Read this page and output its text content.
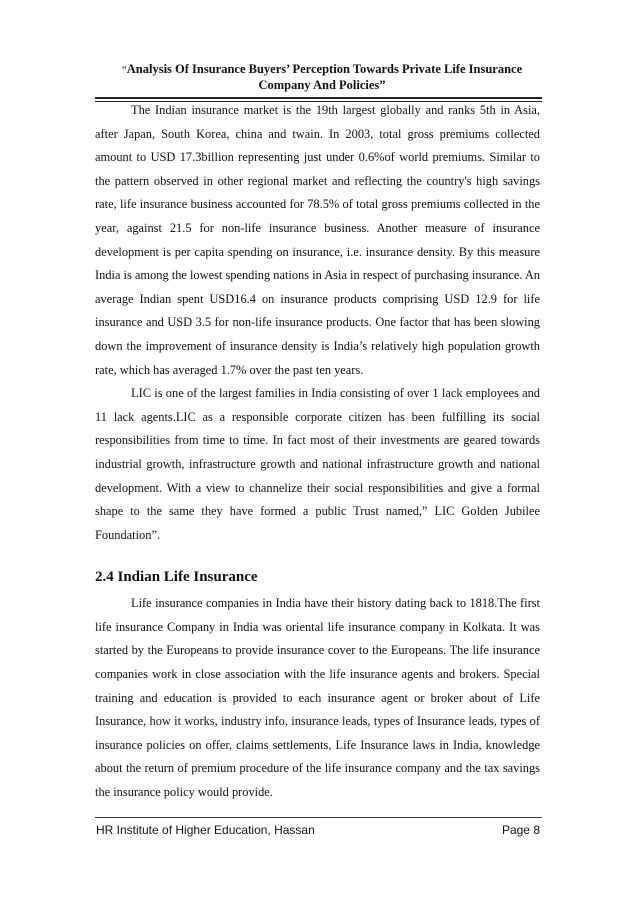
“Analysis Of Insurance Buyers’ Perception Towards Private Life Insurance
Company And Policies”

The Indian insurance market is the 19th largest globally and ranks 5th in Asia, after Japan, South Korea, china and twain. In 2003, total gross premiums collected amount to USD 17.3billion representing just under 0.6%of world premiums. Similar to the pattern observed in other regional market and reflecting the country's high savings rate, life insurance business accounted for 78.5% of total gross premiums collected in the year, against 21.5 for non-life insurance business. Another measure of insurance development is per capita spending on insurance, i.e. insurance density. By this measure India is among the lowest spending nations in Asia in respect of purchasing insurance. An average Indian spent USD16.4 on insurance products comprising USD 12.9 for life insurance and USD 3.5 for non-life insurance products. One factor that has been slowing down the improvement of insurance density is India’s relatively high population growth rate, which has averaged 1.7% over the past ten years.

LIC is one of the largest families in India consisting of over 1 lack employees and 11 lack agents.LIC as a responsible corporate citizen has been fulfilling its social responsibilities from time to time. In fact most of their investments are geared towards industrial growth, infrastructure growth and national infrastructure growth and national development. With a view to channelize their social responsibilities and give a formal shape to the same they have formed a public Trust named,” LIC Golden Jubilee Foundation”.

2.4 Indian Life Insurance

Life insurance companies in India have their history dating back to 1818.The first life insurance Company in India was oriental life insurance company in Kolkata. It was started by the Europeans to provide insurance cover to the Europeans. The life insurance companies work in close association with the life insurance agents and brokers. Special training and education is provided to each insurance agent or broker about of Life Insurance, how it works, industry info, insurance leads, types of Insurance leads, types of insurance policies on offer, claims settlements, Life Insurance laws in India, knowledge about the return of premium procedure of the life insurance company and the tax savings the insurance policy would provide.

HR Institute of Higher Education, Hassan	Page 8
